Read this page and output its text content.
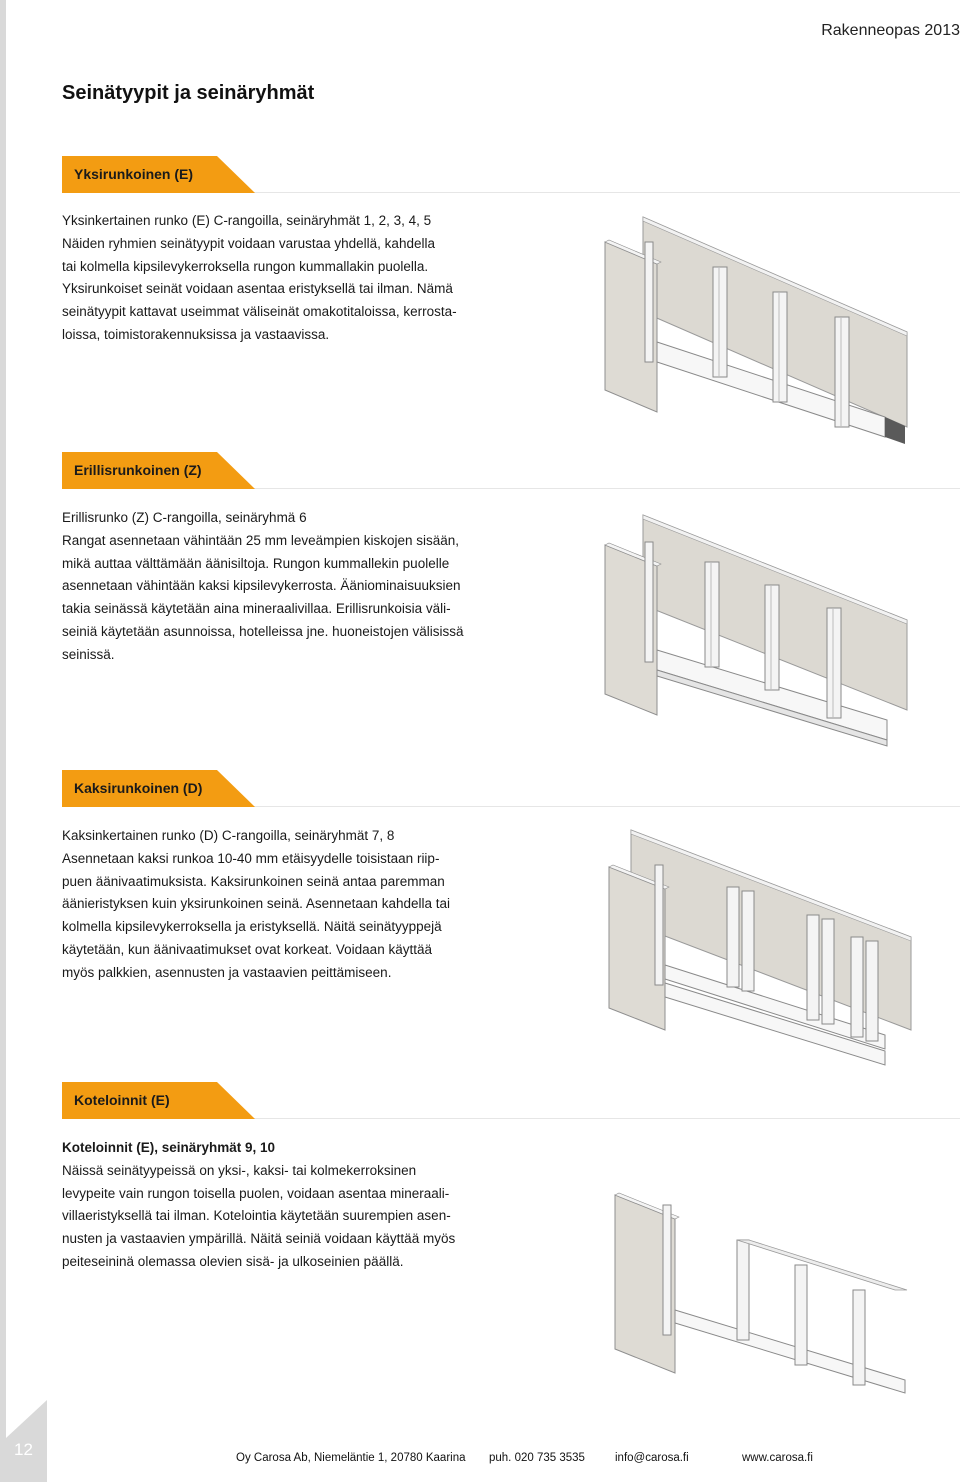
12
Rakenneopas 2013
Seinätyypit ja seinäryhmät
Yksirunkoinen (E)

Yksinkertainen runko (E) C-rangoilla, seinäryhmät 1, 2, 3, 4, 5

Näiden ryhmien seinätyypit voidaan varustaa yhdellä, kahdella

tai kolmella kipsilevykerroksella rungon kummallakin puolella.

Yksirunkoiset seinät voidaan asentaa eristyksellä tai ilman. Nämä

seinätyypit kattavat useimmat väliseinät omakotitaloissa, kerrosta-

loissa, toimistorakennuksissa ja vastaavissa.

Erillisrunkoinen (Z)

Erillisrunko (Z) C-rangoilla, seinäryhmä 6

Rangat asennetaan vähintään 25 mm leveämpien kiskojen sisään,

mikä auttaa välttämään äänisiltoja. Rungon kummallekin puolelle

asennetaan vähintään kaksi kipsilevykerrosta. Ääniominaisuuksien

takia seinässä käytetään aina mineraalivillaa. Erillisrunkoisia väli-

seiniä käytetään asunnoissa, hotelleissa jne. huoneistojen välisissä

seinissä.

Kaksirunkoinen (D)

Kaksinkertainen runko (D) C-rangoilla, seinäryhmät 7, 8

Asennetaan kaksi runkoa 10-40 mm etäisyydelle toisistaan riip-

puen äänivaatimuksista. Kaksirunkoinen seinä antaa paremman

äänieristyksen kuin yksirunkoinen seinä. Asennetaan kahdella tai

kolmella kipsilevykerroksella ja eristyksellä. Näitä seinätyyppejä

käytetään, kun äänivaatimukset ovat korkeat. Voidaan käyttää

myös palkkien, asennusten ja vastaavien peittämiseen.

Koteloinnit (E)

Koteloinnit (E), seinäryhmät 9, 10

Näissä seinätyypeissä on yksi-, kaksi- tai kolmekerroksinen

levypeite vain rungon toisella puolen, voidaan asentaa mineraali-

villaeristyksellä tai ilman. Kotelointia käytetään suurempien asen-

nusten ja vastaavien ympärillä. Näitä seiniä voidaan käyttää myös

peiteseininä olemassa olevien sisä- ja ulkoseinien päällä.

Oy Carosa Ab, Niemeläntie 1, 20780 Kaarina puh. 020 735 3535	info@carosa.fi	www.carosa.fi
